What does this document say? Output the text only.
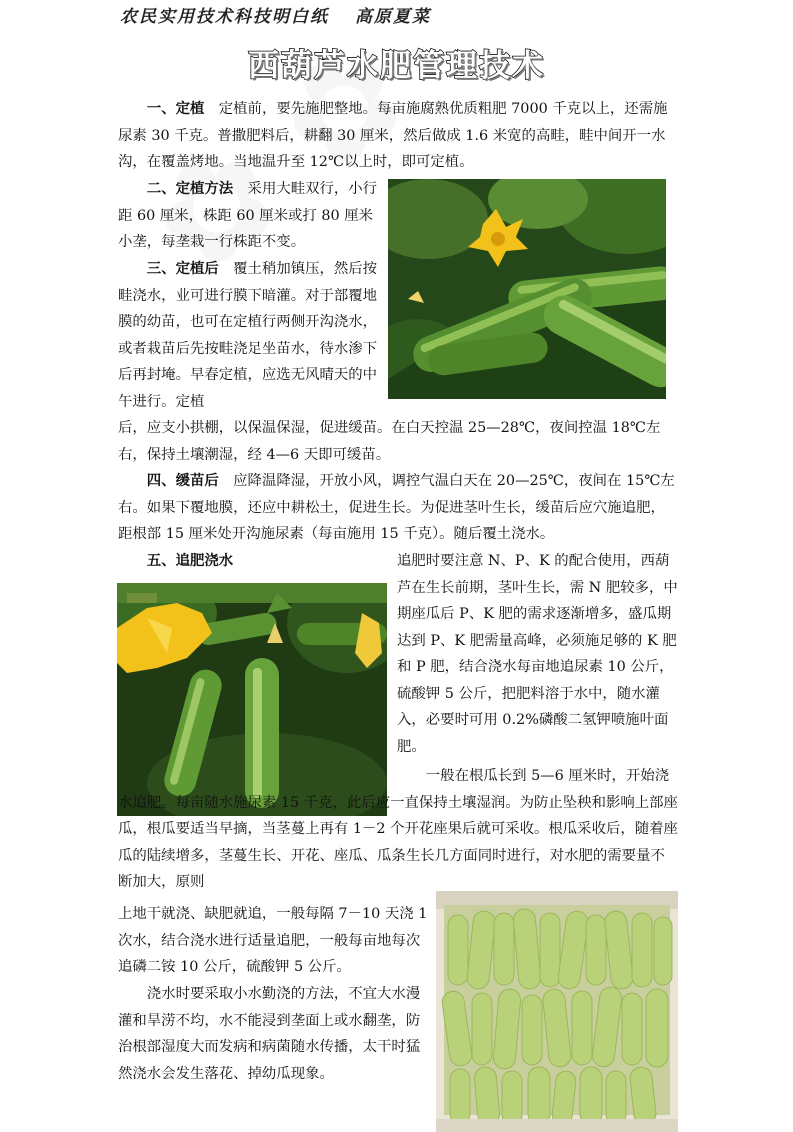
农民实用技术科技明白纸 高原夏菜
西葫芦水肥管理技术
一、定植  定植前，要先施肥整地。每亩施腐熟优质粗肥 7000 千克以上，还需施尿素 30 千克。普撒肥料后，耕翻 30 厘米，然后做成 1.6 米宽的高畦，畦中间开一水沟，在覆盖烤地。当地温升至 12℃以上时，即可定植。
二、定植方法  采用大畦双行，小行距 60 厘米，株距 60 厘米或打 80 厘米小垄，每垄栽一行株距不变。
三、定植后  覆土稍加镇压，然后按畦浇水，业可进行膜下暗灌。对于部覆地膜的幼苗，也可在定植行两侧开沟浇水，或者栽苗后先按畦浇足坐苗水，待水渗下后再封埯。早春定植，应选无风晴天的中午进行。定植
后，应支小拱棚，以保温保湿，促进缓苗。在白天控温 25—28℃，夜间控温 18℃左右，保持土壤潮湿，经 4—6 天即可缓苗。
四、缓苗后  应降温降湿，开放小风，调控气温白天在 20—25℃，夜间在 15℃左右。如果下覆地膜，还应中耕松土，促进生长。为促进茎叶生长，缓苗后应穴施追肥，距根部 15 厘米处开沟施尿素（每亩施用 15 千克）。随后覆土浇水。
五、追肥浇水 	追肥时要注意 N、P、K 的配合使用，西葫芦在生长前期，茎叶生长，需 N 肥较多，中期座瓜后 P、K 肥的需求逐渐增多，盛瓜期达到 P、K 肥需量高峰，必须施足够的 K 肥和 P 肥，结合浇水每亩地追尿素 10 公斤，硫酸钾 5 公斤，把肥料溶于水中，随水灌入，必要时可用 0.2%磷酸二氢钾喷施叶面肥。
一般在根瓜长到 5—6 厘米时，开始浇水追肥。每亩随水施尿素 15 千克，此后应一直保持土壤湿润。为防止坠秧和影响上部座瓜，根瓜要适当早摘，当茎蔓上再有 1－2 个开花座果后就可采收。根瓜采收后，随着座瓜的陆续增多，茎蔓生长、开花、座瓜、瓜条生长几方面同时进行，对水肥的需要量不断加大，原则
上地干就浇、缺肥就追，一般每隔 7－10 天浇 1 次水，结合浇水进行适量追肥，一般每亩地每次追磷二铵 10 公斤，硫酸钾 5 公斤。
浇水时要采取小水勤浇的方法，不宜大水漫灌和旱涝不均，水不能浸到垄面上或水翻垄，防治根部湿度大而发病和病菌随水传播，太干时猛然浇水会发生落花、掉幼瓜现象。
